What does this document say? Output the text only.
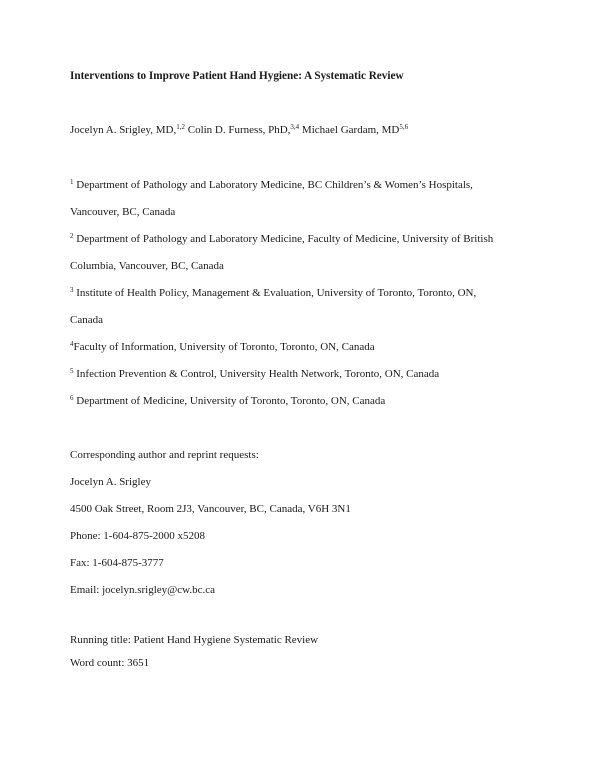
Interventions to Improve Patient Hand Hygiene: A Systematic Review
Jocelyn A. Srigley, MD,$^{1,2}$ Colin D. Furness, PhD,$^{3,4}$ Michael Gardam, MD$^{5,6}$
$^1$ Department of Pathology and Laboratory Medicine, BC Children’s & Women’s Hospitals,
Vancouver, BC, Canada
$^2$ Department of Pathology and Laboratory Medicine, Faculty of Medicine, University of British
Columbia, Vancouver, BC, Canada
$^3$ Institute of Health Policy, Management & Evaluation, University of Toronto, Toronto, ON,
Canada
$^4$Faculty of Information, University of Toronto, Toronto, ON, Canada
$^5$ Infection Prevention & Control, University Health Network, Toronto, ON, Canada
$^6$ Department of Medicine, University of Toronto, Toronto, ON, Canada
Corresponding author and reprint requests:
Jocelyn A. Srigley
4500 Oak Street, Room 2J3, Vancouver, BC, Canada, V6H 3N1
Phone: 1-604-875-2000 x5208
Fax: 1-604-875-3777
Email: jocelyn.srigley@cw.bc.ca
Running title: Patient Hand Hygiene Systematic Review
Word count: 3651
